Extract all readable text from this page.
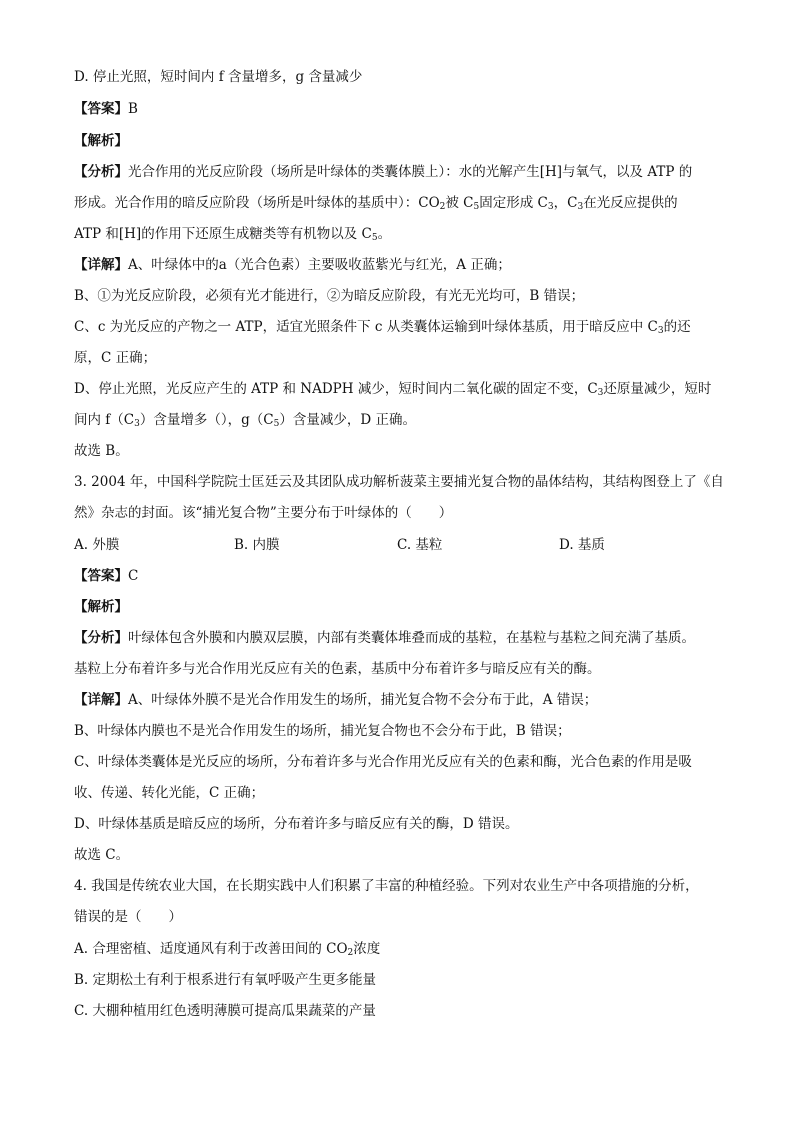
D. 停止光照，短时间内 f 含量增多，g 含量减少
【答案】B
【解析】
【分析】光合作用的光反应阶段（场所是叶绿体的类囊体膜上）：水的光解产生[H]与氧气，以及 ATP 的
形成。光合作用的暗反应阶段（场所是叶绿体的基质中）：$CO_2$被 $C_5$固定形成 $C_3$，$C_3$在光反应提供的
ATP 和[H]的作用下还原生成糖类等有机物以及 $C_5$。
【详解】A、叶绿体中的a（光合色素）主要吸收蓝紫光与红光，A 正确；
B、①为光反应阶段，必须有光才能进行，②为暗反应阶段，有光无光均可，B 错误；
C、c 为光反应的产物之一 ATP，适宜光照条件下 c 从类囊体运输到叶绿体基质，用于暗反应中 $C_3$的还
原，C 正确；
D、停止光照，光反应产生的 ATP 和 NADPH 减少，短时间内二氧化碳的固定不变，$C_3$还原量减少，短时
间内 $f(C_3)$含量增多（），$g(C_5)$含量减少，D 正确。
故选 B。
3. 2004 年，中国科学院院士匡廷云及其团队成功解析菠菜主要捕光复合物的晶体结构，其结构图登上了《自
然》杂志的封面。该“捕光复合物”主要分布于叶绿体的（　　）
A. 外膜	B. 内膜	C. 基粒	D. 基质
【答案】C
【解析】
【分析】叶绿体包含外膜和内膜双层膜，内部有类囊体堆叠而成的基粒，在基粒与基粒之间充满了基质。
基粒上分布着许多与光合作用光反应有关的色素，基质中分布着许多与暗反应有关的酶。
【详解】A、叶绿体外膜不是光合作用发生的场所，捕光复合物不会分布于此，A 错误；
B、叶绿体内膜也不是光合作用发生的场所，捕光复合物也不会分布于此，B 错误；
C、叶绿体类囊体是光反应的场所，分布着许多与光合作用光反应有关的色素和酶，光合色素的作用是吸
收、传递、转化光能，C 正确；
D、叶绿体基质是暗反应的场所，分布着许多与暗反应有关的酶，D 错误。
故选 C。
4. 我国是传统农业大国，在长期实践中人们积累了丰富的种植经验。下列对农业生产中各项措施的分析，
错误的是（　　）
A. 合理密植、适度通风有利于改善田间的 $CO_2$浓度
B. 定期松土有利于根系进行有氧呼吸产生更多能量
C. 大棚种植用红色透明薄膜可提高瓜果蔬菜的产量
